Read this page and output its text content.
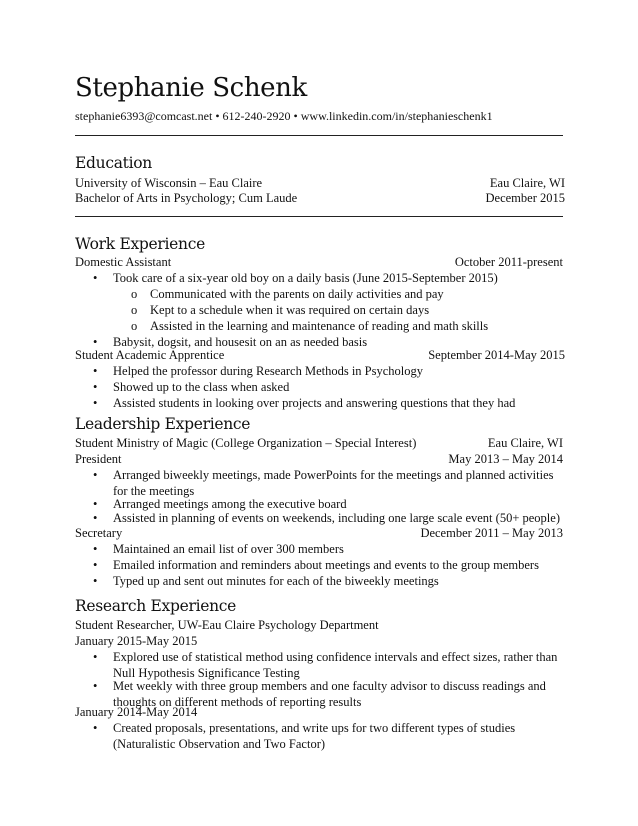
Stephanie Schenk
stephanie6393@comcast.net • 612-240-2920 • www.linkedin.com/in/stephanieschenk1
Education
University of Wisconsin – Eau Claire	Eau Claire, WI
Bachelor of Arts in Psychology; Cum Laude	December 2015
Work Experience
Domestic Assistant	October 2011-present
• Took care of a six-year old boy on a daily basis (June 2015-September 2015)
o Communicated with the parents on daily activities and pay
o Kept to a schedule when it was required on certain days
o Assisted in the learning and maintenance of reading and math skills
• Babysit, dogsit, and housesit on an as needed basis
Student Academic Apprentice	September 2014-May 2015
• Helped the professor during Research Methods in Psychology
• Showed up to the class when asked
• Assisted students in looking over projects and answering questions that they had
Leadership Experience
Student Ministry of Magic (College Organization – Special Interest)	Eau Claire, WI
President	May 2013 – May 2014
• Arranged biweekly meetings, made PowerPoints for the meetings and planned activities for the meetings
• Arranged meetings among the executive board
• Assisted in planning of events on weekends, including one large scale event (50+ people)
Secretary	December 2011 – May 2013
• Maintained an email list of over 300 members
• Emailed information and reminders about meetings and events to the group members
• Typed up and sent out minutes for each of the biweekly meetings
Research Experience
Student Researcher, UW-Eau Claire Psychology Department
January 2015-May 2015
• Explored use of statistical method using confidence intervals and effect sizes, rather than Null Hypothesis Significance Testing
• Met weekly with three group members and one faculty advisor to discuss readings and thoughts on different methods of reporting results
January 2014-May 2014
• Created proposals, presentations, and write ups for two different types of studies (Naturalistic Observation and Two Factor)
